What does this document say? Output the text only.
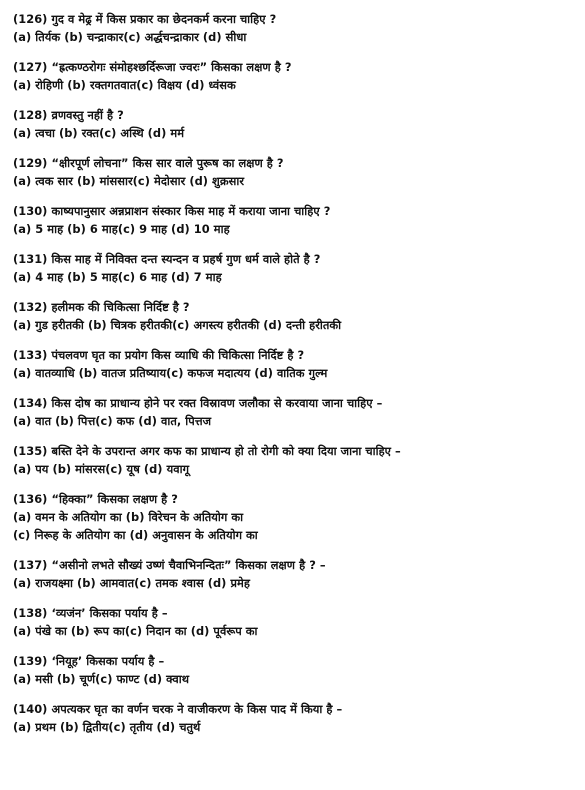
(126) गुद व मेढ्र में किस प्रकार का छेदनकर्म करना चाहिए ?
(a) तिर्यक (b) चन्द्राकार(c) अर्द्धचन्द्राकार (d) सीधा
(127) “ह्रत्कण्ठरोगः संमोहश्छर्दिरूजा ज्वरः” किसका लक्षण है ?
(a) रोहिणी (b) रक्तगतवात(c) विक्षय (d) ध्वंसक
(128) व्रणवस्तु नहीं है ?
(a) त्वचा (b) रक्त(c) अस्थि (d) मर्म
(129) “क्षीरपूर्ण लोचना” किस सार वाले पुरूष का लक्षण है ?
(a) त्वक सार (b) मांससार(c) मेदोसार (d) शुक्रसार
(130) काष्यपानुसार अन्नप्राशन संस्कार किस माह में कराया जाना चाहिए ?
(a) 5 माह (b) 6 माह(c) 9 माह (d) 10 माह
(131) किस माह में निविक्त दन्त स्यन्दन व प्रहर्ष गुण धर्म वाले होते है ?
(a) 4 माह (b) 5 माह(c) 6 माह (d) 7 माह
(132) हलीमक की चिकित्सा निर्दिष्ट है ?
(a) गुड हरीतकी (b) चित्रक हरीतकी(c) अगस्त्य हरीतकी (d) दन्ती हरीतकी
(133) पंचलवण घृत का प्रयोग किस व्याधि की चिकित्सा निर्दिष्ट है ?
(a) वातव्याधि (b) वातज प्रतिष्याय(c) कफज मदात्यय (d) वातिक गुल्म
(134) किस दोष का प्राधान्य होने पर रक्त विस्रावण जलौका से करवाया जाना चाहिए –
(a) वात (b) पित्त(c) कफ (d) वात, पित्तज
(135) बस्ति देने के उपरान्त अगर कफ का प्राधान्य हो तो रोगी को क्या दिया जाना चाहिए –
(a) पय (b) मांसरस(c) यूष (d) यवागू
(136) “हिक्का” किसका लक्षण है ?
(a) वमन के अतियोग का (b) विरेचन के अतियोग का
(c) निरूह के अतियोग का (d) अनुवासन के अतियोग का
(137) “असीनो लभते सौख्यं उष्णं चैवाभिनन्दितः” किसका लक्षण है ? –
(a) राजयक्ष्मा (b) आमवात(c) तमक श्वास (d) प्रमेह
(138) ‘व्यजंन’ किसका पर्याय है –
(a) पंखे का (b) रूप का(c) निदान का (d) पूर्वरूप का
(139) ‘नियूह’ किसका पर्याय है –
(a) मसी (b) चूर्ण(c) फाण्ट (d) क्वाथ
(140) अपत्यकर घृत का वर्णन चरक ने वाजीकरण के किस पाद में किया है –
(a) प्रथम (b) द्वितीय(c) तृतीय (d) चतुर्थ
